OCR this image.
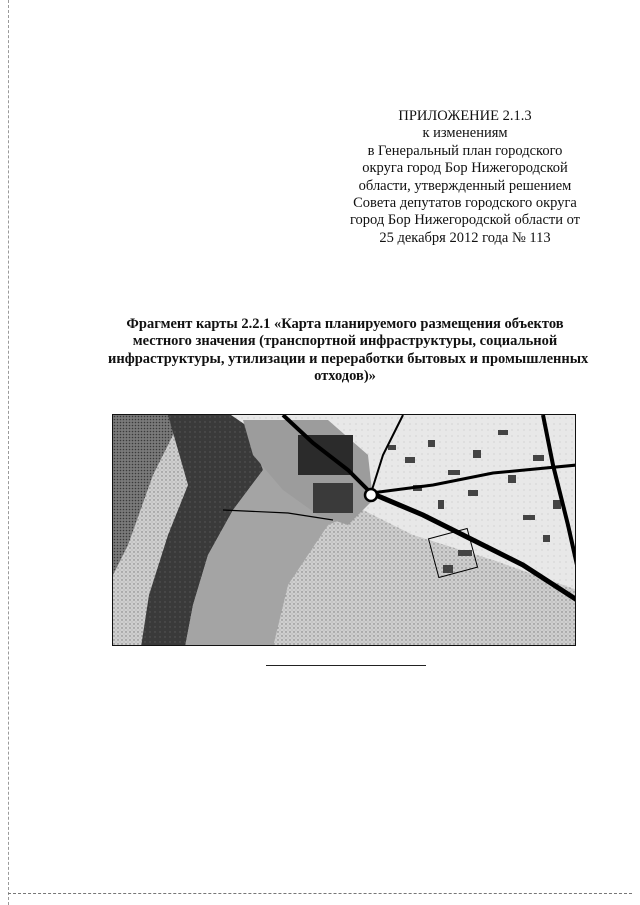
ПРИЛОЖЕНИЕ 2.1.3
к изменениям
в Генеральный план городского
округа город Бор Нижегородской
области, утвержденный решением
Совета депутатов городского округа
город Бор Нижегородской области от
25 декабря 2012 года № 113
Фрагмент карты 2.2.1 «Карта планируемого размещения объектов
местного значения (транспортной инфраструктуры, социальной
инфраструктуры, утилизации и переработки бытовых и промышленных
отходов)»
